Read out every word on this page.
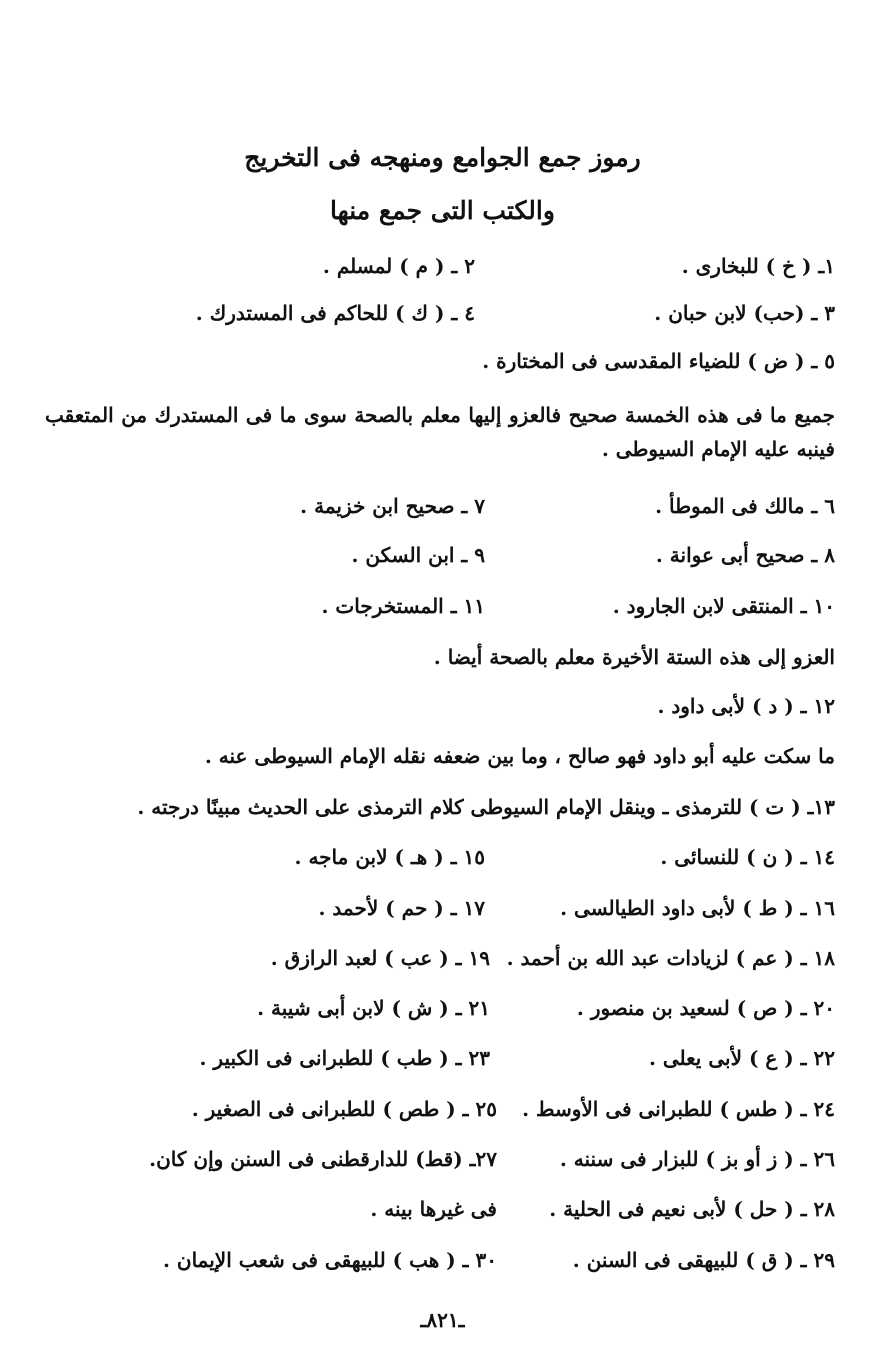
رموز جمع الجوامع ومنهجه فى التخريج
والكتب التى جمع منها
١ـ ( خ ) للبخارى .
٢ ـ ( م ) لمسلم .
٣ ـ (حب) لابن حبان .
٤ ـ ( ك ) للحاكم فى المستدرك .
٥ ـ ( ض ) للضياء المقدسى فى المختارة .
جميع ما فى هذه الخمسة صحيح فالعزو إليها معلم بالصحة سوى ما فى المستدرك من المتعقب فينبه عليه الإمام السيوطى .
٦ ـ مالك فى الموطأ .
٧ ـ صحيح ابن خزيمة .
٨ ـ صحيح أبى عوانة .
٩ ـ ابن السكن .
١٠ ـ المنتقى لابن الجارود .
١١ ـ المستخرجات .
العزو إلى هذه الستة الأخيرة معلم بالصحة أيضا .
١٢ ـ ( د ) لأبى داود .
ما سكت عليه أبو داود فهو صالح ، وما بين ضعفه نقله الإمام السيوطى عنه .
١٣ـ ( ت ) للترمذى ـ وينقل الإمام السيوطى كلام الترمذى على الحديث مبينًا درجته .
١٤ ـ ( ن ) للنسائى .
١٥ ـ ( هـ ) لابن ماجه .
١٦ ـ ( ط ) لأبى داود الطيالسى .
١٧ ـ ( حم ) لأحمد .
١٨ ـ ( عم ) لزيادات عبد الله بن أحمد .
١٩ ـ ( عب ) لعبد الرازق .
٢٠ ـ ( ص ) لسعيد بن منصور .
٢١ ـ ( ش ) لابن أبى شيبة .
٢٢ ـ ( ع ) لأبى يعلى .
٢٣ ـ ( طب ) للطبرانى فى الكبير .
٢٤ ـ ( طس ) للطبرانى فى الأوسط .
٢٥ ـ ( طص ) للطبرانى فى الصغير .
٢٦ ـ ( ز أو بز ) للبزار فى سننه .
٢٧ـ (قط) للدارقطنى فى السنن وإن كان.
٢٨ ـ ( حل ) لأبى نعيم فى الحلية .
فى غيرها بينه .
٢٩ ـ ( ق ) للبيهقى فى السنن .
٣٠ ـ ( هب ) للبيهقى فى شعب الإيمان .
ـ٨٢١ـ
